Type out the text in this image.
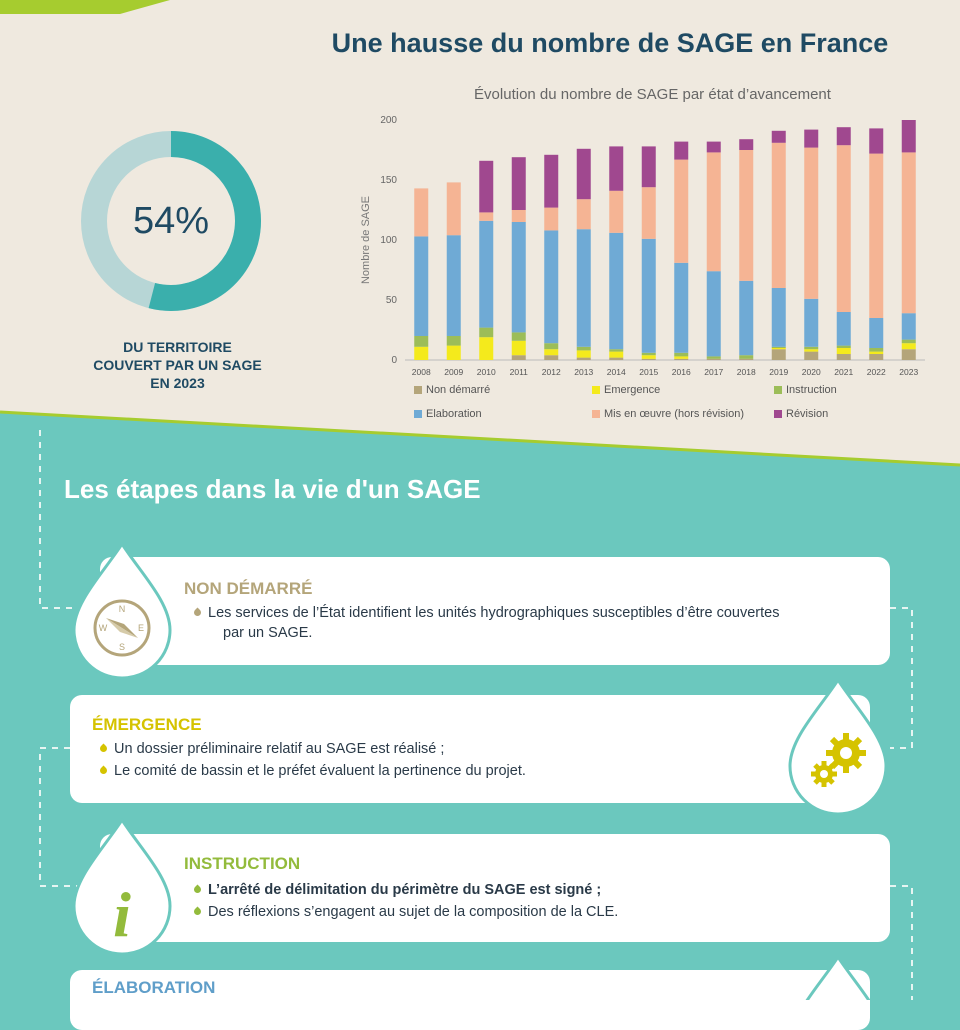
Une hausse du nombre de SAGE en France
54%
DU TERRITOIRE
COUVERT PAR UN SAGE
EN 2023
Évolution du nombre de SAGE par état d’avancement
0
50
100
150
200
Nombre de SAGE
2008 2009 2010 2011 2012 2013 2014 2015 2016 2017 2018 2019 2020 2021 2022 2023
Non démarré	Emergence	Instruction
Elaboration	Mis en œuvre (hors révision)	Révision
Les étapes dans la vie d'un SAGE
NON DÉMARRÉ
Les services de l’État identifient les unités hydrographiques susceptibles d’être couvertes
par un SAGE.
N
E
S
W
ÉMERGENCE
Un dossier préliminaire relatif au SAGE est réalisé ;
Le comité de bassin et le préfet évaluent la pertinence du projet.
INSTRUCTION
L’arrêté de délimitation du périmètre du SAGE est signé ;
Des réflexions s’engagent au sujet de la composition de la CLE.
i
ÉLABORATION
